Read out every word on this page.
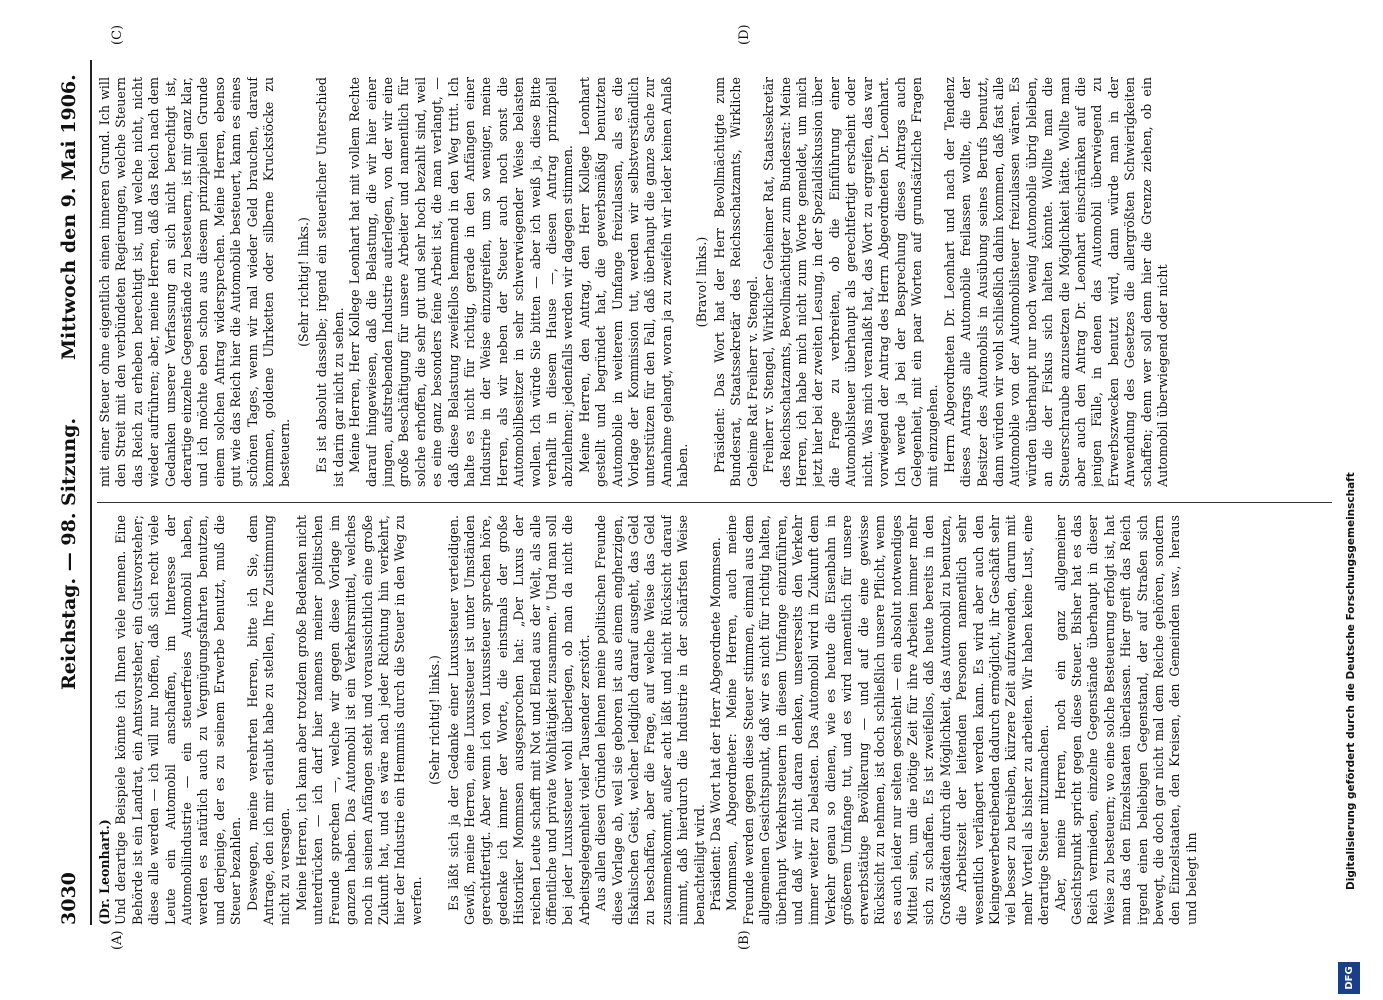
3030
Reichstag. — 98. Sitzung.
Mittwoch den 9. Mai 1906.
(A)	(B)
(C)	(D)

(Dr. Leonhart.) Und derartige Beispiele könnte ich Ihnen viele nennen. Eine Behörde ist ein Landrat, ein Amtsvorsteher, ein Gutsvorsteher; diese alle werden — ich will nur hoffen, daß sich recht viele Leute ein Automobil anschaffen, im Interesse der Automobilindustrie — ein steuerfreies Automobil haben, werden es natürlich auch zu Vergnügungsfahrten benutzen, und derjenige, der es zu seinem Erwerbe benutzt, muß die Steuer bezahlen. Deswegen, meine verehrten Herren, bitte ich Sie, dem Antrage, den ich mir erlaubt habe zu stellen, Ihre Zustimmung nicht zu versagen. Meine Herren, ich kann aber trotzdem große Bedenken nicht unterdrücken — ich darf hier namens meiner politischen Freunde sprechen —, welche wir gegen diese Vorlage im ganzen haben. Das Automobil ist ein Verkehrsmittel, welches noch in seinen Anfängen steht und voraussichtlich eine große Zukunft hat, und es wäre nach jeder Richtung hin verkehrt, hier der Industrie ein Hemmnis durch die Steuer in den Weg zu werfen.

(Sehr richtig! links.) Es läßt sich ja der Gedanke einer Luxussteuer verteidigen. Gewiß, meine Herren, eine Luxussteuer ist unter Umständen gerechtfertigt. Aber wenn ich von Luxussteuer sprechen höre, gedenke ich immer der Worte, die einstmals der große Historiker Mommsen ausgesprochen hat: „Der Luxus der reichen Leute schafft mit Not und Elend aus der Welt, als alle öffentliche und private Wohltätigkeit zusammen.“ Und man soll bei jeder Luxussteuer wohl überlegen, ob man da nicht die Arbeitsgelegenheit vieler Tausender zerstört. Aus allen diesen Gründen lehnen meine politischen Freunde diese Vorlage ab, weil sie geboren ist aus einem engherzigen, fiskalischen Geist, welcher lediglich darauf ausgeht, das Geld zu beschaffen, aber die Frage, auf welche Weise das Geld zusammenkommt, außer acht läßt und nicht Rücksicht darauf nimmt, daß hierdurch die Industrie in der schärfsten Weise benachteiligt wird. Präsident: Das Wort hat der Herr Abgeordnete Mommsen. Mommsen, Abgeordneter: Meine Herren, auch meine Freunde werden gegen diese Steuer stimmen, einmal aus dem allgemeinen Gesichtspunkt, daß wir es nicht für richtig halten, überhaupt Verkehrssteuern in diesem Umfange einzuführen, und daß wir nicht daran denken, unsererseits den Verkehr immer weiter zu belasten. Das Automobil wird in Zukunft dem Verkehr genau so dienen, wie es heute die Eisenbahn in größerem Umfange tut, und es wird namentlich für unsere erwerbstätige Bevölkerung — und auf die eine gewisse Rücksicht zu nehmen, ist doch schließlich unsere Pflicht, wenn es auch leider nur selten geschieht — ein absolut notwendiges Mittel sein, um die nötige Zeit für ihre Arbeiten immer mehr sich zu schaffen. Es ist zweifellos, daß heute bereits in den Großstädten durch die Möglichkeit, das Automobil zu benutzen, die Arbeitszeit der leitenden Personen namentlich sehr wesentlich verlängert werden kann. Es wird aber auch den Kleingewerbetreibenden dadurch ermöglicht, ihr Geschäft sehr viel besser zu betreiben, kürzere Zeit aufzuwenden, darum mit mehr Vorteil als bisher zu arbeiten. Wir haben keine Lust, eine derartige Steuer mitzumachen. Aber, meine Herren, noch ein ganz allgemeiner Gesichtspunkt spricht gegen diese Steuer. Bisher hat es das Reich vermieden, einzelne Gegenstände überhaupt in dieser Weise zu besteuern; wo eine solche Besteuerung erfolgt ist, hat man das den Einzelstaaten überlassen. Hier greift das Reich irgend einen beliebigen Gegenstand, der auf Straßen sich bewegt, die doch gar nicht mal dem Reiche gehören, sondern den Einzelstaaten, den Kreisen, den Gemeinden usw., heraus und belegt ihn

mit einer Steuer ohne eigentlich einen inneren Grund. Ich will den Streit mit den verbündeten Regierungen, welche Steuern das Reich zu erheben berechtigt ist, und welche nicht, nicht wieder aufrühren; aber, meine Herren, daß das Reich nach dem Gedanken unserer Verfassung an sich nicht berechtigt ist, derartige einzelne Gegenstände zu besteuern, ist mir ganz klar, und ich möchte eben schon aus diesem prinzipiellen Grunde einem solchen Antrag widersprechen. Meine Herren, ebenso gut wie das Reich hier die Automobile besteuert, kann es eines schönen Tages, wenn wir mal wieder Geld brauchen, darauf kommen, goldene Uhrketten oder silberne Kruckstöcke zu besteuern.

(Sehr richtig! links.) Es ist absolut dasselbe; irgend ein steuerlicher Unterschied ist darin gar nicht zu sehen. Meine Herren, Herr Kollege Leonhart hat mit vollem Rechte darauf hingewiesen, daß die Belastung, die wir hier einer jungen, aufstrebenden Industrie auferlegen, von der wir eine große Beschäftigung für unsere Arbeiter und namentlich für solche erhoffen, die sehr gut und sehr hoch bezahlt sind, weil es eine ganz besonders feine Arbeit ist, die man verlangt, — daß diese Belastung zweifellos hemmend in den Weg tritt. Ich halte es nicht für richtig, gerade in den Anfängen einer Industrie in der Weise einzugreifen, um so weniger, meine Herren, als wir neben der Steuer auch noch sonst die Automobilbesitzer in sehr schwerwiegender Weise belasten wollen. Ich würde Sie bitten — aber ich weiß ja, diese Bitte verhallt in diesem Hause —, diesen Antrag prinzipiell abzulehnen; jedenfalls werden wir dagegen stimmen. Meine Herren, den Antrag, den Herr Kollege Leonhart gestellt und begründet hat, die gewerbsmäßig benutzten Automobile in weiterem Umfange freizulassen, als es die Vorlage der Kommission tut, werden wir selbstverständlich unterstützen für den Fall, daß überhaupt die ganze Sache zur Annahme gelangt, woran ja zu zweifeln wir leider keinen Anlaß haben.

(Bravo! links.) Präsident: Das Wort hat der Herr Bevollmächtigte zum Bundesrat, Staatssekretär des Reichsschatzamts, Wirkliche Geheime Rat Freiherr v. Stengel. Freiherr v. Stengel, Wirklicher Geheimer Rat, Staatssekretär des Reichsschatzamts, Bevollmächtigter zum Bundesrat: Meine Herren, ich habe mich nicht zum Worte gemeldet, um mich jetzt hier bei der zweiten Lesung, in der Spezialdiskussion über die Frage zu verbreiten, ob die Einführung einer Automobilsteuer überhaupt als gerechtfertigt erscheint oder nicht. Was mich veranlaßt hat, das Wort zu ergreifen, das war vorwiegend der Antrag des Herrn Abgeordneten Dr. Leonhart. Ich werde ja bei der Besprechung dieses Antrags auch Gelegenheit, mit ein paar Worten auf grundsätzliche Fragen mit einzugehen. Herrn Abgeordneten Dr. Leonhart und nach der Tendenz dieses Antrags alle Automobile freilassen wollte, die der Besitzer des Automobils in Ausübung seines Berufs benutzt, dann würden wir wohl schließlich dahin kommen, daß fast alle Automobile von der Automobilsteuer freizulassen wären. Es würden überhaupt nur noch wenig Automobile übrig bleiben, an die der Fiskus sich halten könnte. Wollte man die Steuerschraube anzusetzen die Möglichkeit hätte. Wollte man aber auch den Antrag Dr. Leonhart einschränken auf die jenigen Fälle, in denen das Automobil überwiegend zu Erwerbszwecken benutzt wird, dann würde man in der Anwendung des Gesetzes die allergrößten Schwierigkeiten schaffen; denn wer soll denn hier die Grenze ziehen, ob ein Automobil überwiegend oder nicht

Digitalisierung gefördert durch die Deutsche Forschungsgemeinschaft
DFG
